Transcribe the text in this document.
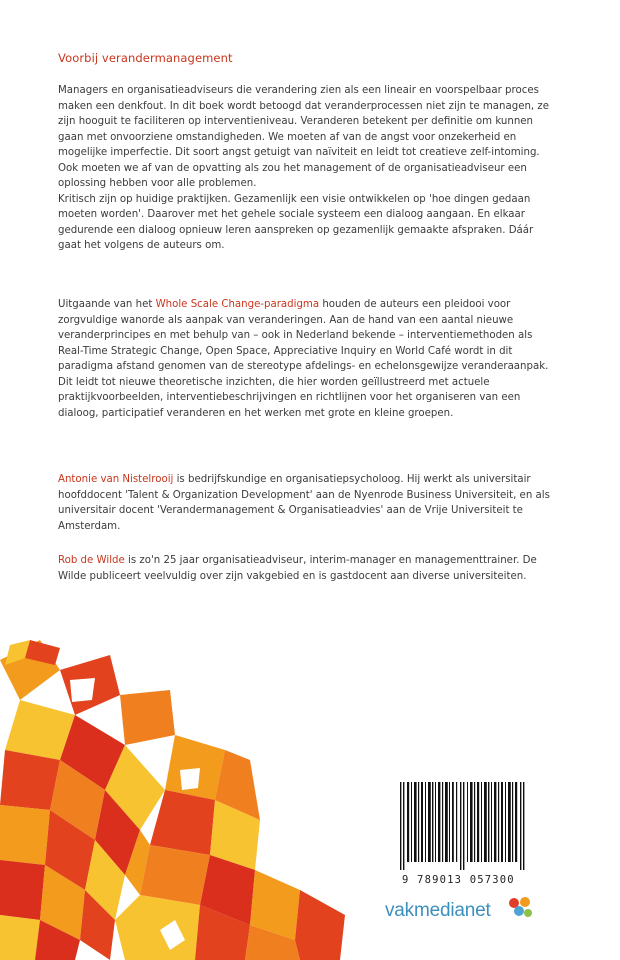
Voorbij verandermanagement
Managers en organisatieadviseurs die verandering zien als een lineair en voorspelbaar proces maken een denkfout. In dit boek wordt betoogd dat veranderprocessen niet zijn te managen, ze zijn hooguit te faciliteren op interventieniveau. Veranderen betekent per definitie om kunnen gaan met onvoorziene omstandigheden. We moeten af van de angst voor onzekerheid en mogelijke imperfectie. Dit soort angst getuigt van naïviteit en leidt tot creatieve zelf-intoming. Ook moeten we af van de opvatting als zou het management of de organisatieadviseur een oplossing hebben voor alle problemen.
Kritisch zijn op huidige praktijken. Gezamenlijk een visie ontwikkelen op 'hoe dingen gedaan moeten worden'. Daarover met het gehele sociale systeem een dialoog aangaan. En elkaar gedurende een dialoog opnieuw leren aanspreken op gezamenlijk gemaakte afspraken. Dáár gaat het volgens de auteurs om.
Uitgaande van het Whole Scale Change-paradigma houden de auteurs een pleidooi voor zorgvuldige wanorde als aanpak van veranderingen. Aan de hand van een aantal nieuwe veranderprincipes en met behulp van – ook in Nederland bekende – interventiemethoden als Real-Time Strategic Change, Open Space, Appreciative Inquiry en World Café wordt in dit paradigma afstand genomen van de stereotype afdelings- en echelonsgewijze veranderaanpak. Dit leidt tot nieuwe theoretische inzichten, die hier worden geïllustreerd met actuele praktijkvoorbeelden, interventiebeschrijvingen en richtlijnen voor het organiseren van een dialoog, participatief veranderen en het werken met grote en kleine groepen.
Antonie van Nistelrooij is bedrijfskundige en organisatiepsycholoog. Hij werkt als universitair hoofddocent 'Talent & Organization Development' aan de Nyenrode Business Universiteit, en als universitair docent 'Verandermanagement & Organisatieadvies' aan de Vrije Universiteit te Amsterdam.
Rob de Wilde is zo'n 25 jaar organisatieadviseur, interim-manager en managementtrainer. De Wilde publiceert veelvuldig over zijn vakgebied en is gastdocent aan diverse universiteiten.
9 789013 057300
vakmedianet
